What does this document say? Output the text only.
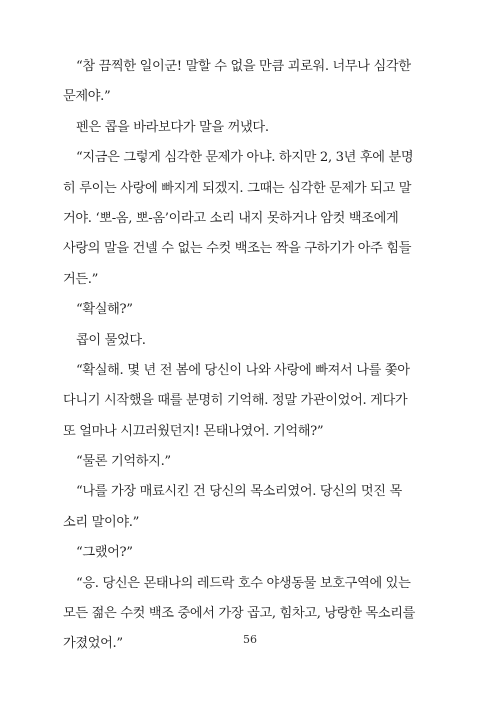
“참 끔찍한 일이군! 말할 수 없을 만큼 괴로워. 너무나 심각한
문제야.”
펜은 콥을 바라보다가 말을 꺼냈다.
“지금은 그렇게 심각한 문제가 아냐. 하지만 2, 3년 후에 분명
히 루이는 사랑에 빠지게 되겠지. 그때는 심각한 문제가 되고 말
거야. ‘뽀-옴, 뽀-옴’이라고 소리 내지 못하거나 암컷 백조에게
사랑의 말을 건넬 수 없는 수컷 백조는 짝을 구하기가 아주 힘들
거든.”
“확실해?”
콥이 물었다.
“확실해. 몇 년 전 봄에 당신이 나와 사랑에 빠져서 나를 쫓아
다니기 시작했을 때를 분명히 기억해. 정말 가관이었어. 게다가
또 얼마나 시끄러웠던지! 몬태나였어. 기억해?”
“물론 기억하지.”
“나를 가장 매료시킨 건 당신의 목소리였어. 당신의 멋진 목
소리 말이야.”
“그랬어?”
“응. 당신은 몬태나의 레드락 호수 야생동물 보호구역에 있는
모든 젊은 수컷 백조 중에서 가장 곱고, 힘차고, 낭랑한 목소리를
가졌었어.”	56
